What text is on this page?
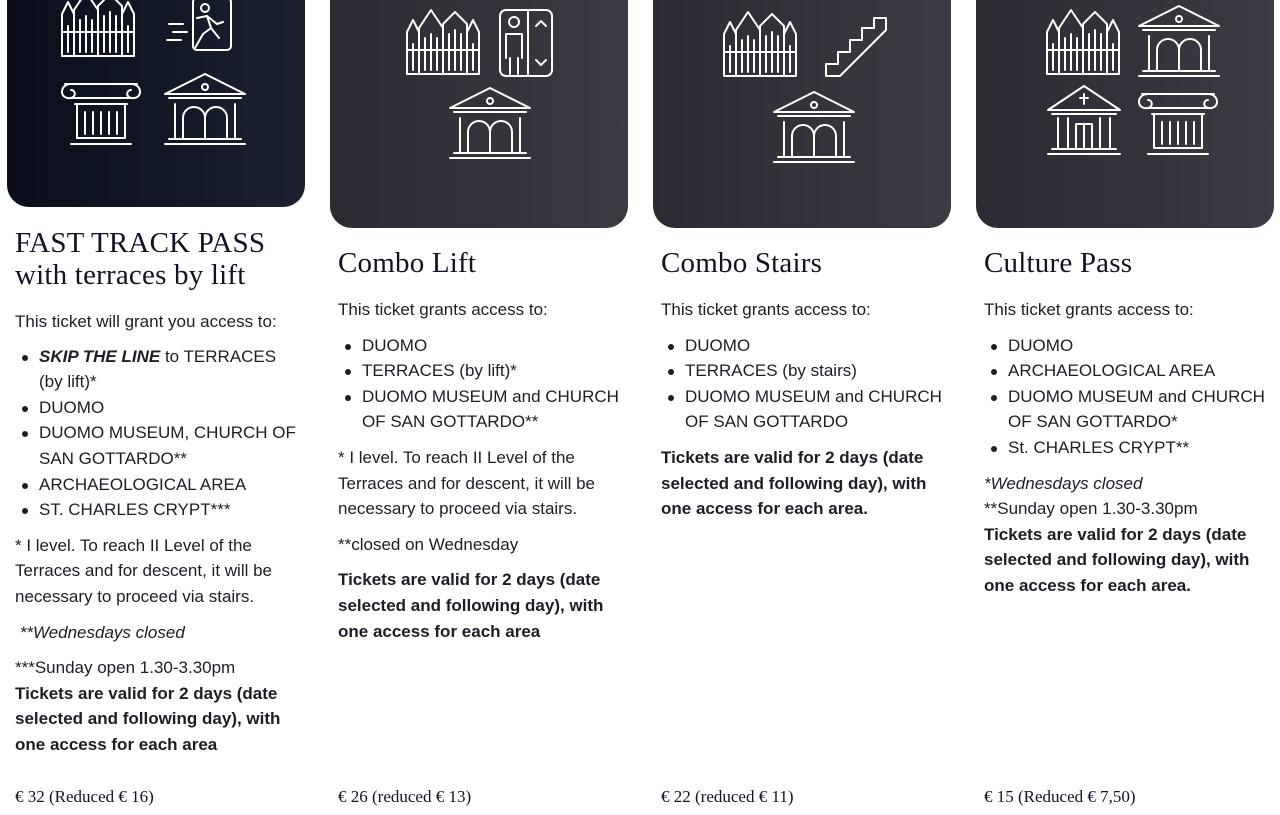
FAST TRACK PASS
with terraces by lift

This ticket will grant you access to:

SKIP THE LINE to TERRACES (by lift)*
DUOMO
DUOMO MUSEUM, CHURCH OF SAN GOTTARDO**
ARCHAEOLOGICAL AREA
ST. CHARLES CRYPT***

* I level. To reach II Level of the Terraces and for descent, it will be necessary to proceed via stairs.

**Wednesdays closed

***Sunday open 1.30-3.30pm

Tickets are valid for 2 days (date selected and following day), with one access for each area

€ 32 (Reduced € 16)
Combo Lift

This ticket grants access to:

DUOMO
TERRACES (by lift)*
DUOMO MUSEUM and CHURCH OF SAN GOTTARDO**

* I level. To reach II Level of the Terraces and for descent, it will be necessary to proceed via stairs.

**closed on Wednesday

Tickets are valid for 2 days (date selected and following day), with one access for each area

€ 26 (reduced € 13)
Combo Stairs

This ticket grants access to:

DUOMO
TERRACES (by stairs)
DUOMO MUSEUM and CHURCH OF SAN GOTTARDO

Tickets are valid for 2 days (date selected and following day), with one access for each area.

€ 22 (reduced € 11)
Culture Pass

This ticket grants access to:

DUOMO
ARCHAEOLOGICAL AREA
DUOMO MUSEUM and CHURCH OF SAN GOTTARDO*
St. CHARLES CRYPT**

*Wednesdays closed

**Sunday open 1.30-3.30pm

Tickets are valid for 2 days (date selected and following day), with one access for each area.

€ 15 (Reduced € 7,50)
